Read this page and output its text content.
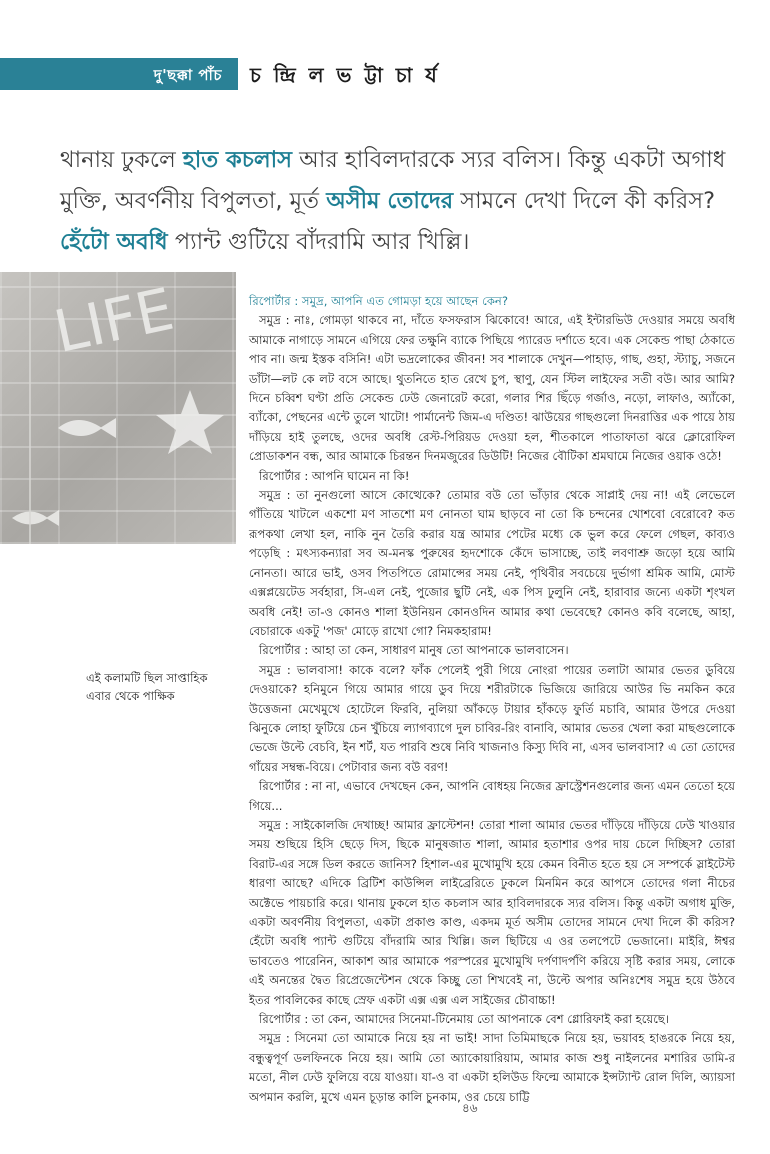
দু'ছক্কা পাঁচ চ ন্দ্রি ল ভ ট্টা চা র্য
থানায় ঢুকলে হাত কচলাস আর হাবিলদারকে স্যর বলিস। কিন্তু একটা অগাধ মুক্তি, অবর্ণনীয় বিপুলতা, মূর্ত অসীম তোদের সামনে দেখা দিলে কী করিস? হেঁটো অবধি প্যান্ট গুটিয়ে বাঁদরামি আর খিল্লি।
LIFE
এই কলামটি ছিল সাপ্তাহিক
এবার থেকে পাক্ষিক

রিপোর্টার : সমুদ্র, আপনি এত গোমড়া হয়ে আছেন কেন?

সমুদ্র : নাঃ, গোমড়া থাকবে না, দাঁতে ফসফরাস ঝিকোবে! আরে, এই ইন্টারভিউ দেওয়ার সময়ে অবধি আমাকে নাগাড়ে সামনে এগিয়ে ফের তক্ষুনি ব্যাকে পিছিয়ে প্যারেড দর্শাতে হবে। এক সেকেন্ড পাছা ঠেকাতে পাব না। জন্ম ইস্তক বসিনি! এটা ভদ্রলোকের জীবন! সব শালাকে দেখুন—পাহাড়, গাছ, গুহা, স্ট্যাচু, সজনে ডাঁটা—লট কে লট বসে আছে। থুতনিতে হাত রেখে চুপ, স্থাণু, যেন স্টিল লাইফের সতী বউ। আর আমি? দিনে চব্বিশ ঘণ্টা প্রতি সেকেন্ড ঢেউ জেনারেট করো, গলার শির ছিঁড়ে গর্জাও, নড়ো, লাফাও, অ্যাঁকো, ব্যাঁকো, পেছনের এন্টে তুলে খাটো! পার্মানেন্ট জিম-এ দণ্ডিত! ঝাউয়ের গাছগুলো দিনরাত্তির এক পায়ে ঠায় দাঁড়িয়ে হাই তুলছে, ওদের অবধি রেস্ট-পিরিয়ড দেওয়া হল, শীতকালে পাতাফাতা ঝরে ক্লোরোফিল প্রোডাকশন বন্ধ, আর আমাকে চিরন্তন দিনমজুরের ডিউটি! নিজের বৌটিকা শ্রমঘামে নিজের ওয়াক ওঠে!

রিপোর্টার : আপনি ঘামেন না কি!

সমুদ্র : তা নুনগুলো আসে কোত্থেকে? তোমার বউ তো ভাঁড়ার থেকে সাপ্লাই দেয় না! এই লেভেলে গাঁতিয়ে খাটলে একশো মণ সাতশো মণ নোনতা ঘাম ছাড়বে না তো কি চন্দনের খোশবো বেরোবে? কত রূপকথা লেখা হল, নাকি নুন তৈরি করার যন্ত্র আমার পেটের মধ্যে কে ভুল করে ফেলে গেছল, কাব্যও পড়েছি : মৎস্যকন্যারা সব অ-মনস্ক পুরুষের হৃদশোকে কেঁদে ভাসাচ্ছে, তাই লবণাশ্রু জড়ো হয়ে আমি নোনতা। আরে ভাই, ওসব পিতপিতে রোমান্সের সময় নেই, পৃথিবীর সবচেয়ে দুর্ভাগা শ্রমিক আমি, মোস্ট এক্সপ্লয়েটেড সর্বহারা, সি-এল নেই, পুজোর ছুটি নেই, এক পিস ঢুলুনি নেই, হারাবার জন্যে একটা শৃংখল অবধি নেই! তা-ও কোনও শালা ইউনিয়ন কোনওদিন আমার কথা ভেবেছে? কোনও কবি বলেছে, আহা, বেচারাকে একটু 'পজ' মোড়ে রাখো গো? নিমকহারাম!

রিপোর্টার : আহা তা কেন, সাধারণ মানুষ তো আপনাকে ভালবাসেন।

সমুদ্র : ভালবাসা! কাকে বলে? ফাঁক পেলেই পুরী গিয়ে নোংরা পায়ের তলাটা আমার ভেতর ডুবিয়ে দেওয়াকে? হনিমুনে গিয়ে আমার গায়ে ডুব দিয়ে শরীরটাকে ভিজিয়ে জারিয়ে আউর ভি নমকিন করে উত্তেজনা মেখেমুখে হোটেলে ফিরবি, নুলিয়া আঁকড়ে টায়ার হাঁকড়ে ফুর্তি মচাবি, আমার উপরে দেওয়া ঝিনুকে লোহা ফুটিয়ে চেন খুঁচিয়ে ল্যাগব্যাগে দুল চাবির-রিং বানাবি, আমার ভেতর খেলা করা মাছগুলোকে ভেজে উল্টে বেচবি, ইন শর্ট, যত পারবি শুষে নিবি খাজনাও কিস্যু দিবি না, এসব ভালবাসা? এ তো তোদের গাঁয়ের সম্বন্ধ-বিয়ে। পেটাবার জন্য বউ বরণ!

রিপোর্টার : না না, এভাবে দেখছেন কেন, আপনি বোধহয় নিজের ফ্রাস্ট্রেশনগুলোর জন্য এমন তেতো হয়ে গিয়ে...

সমুদ্র : সাইকোলজি দেখাচ্ছ! আমার ফ্রাস্টেশন! তোরা শালা আমার ভেতর দাঁড়িয়ে দাঁড়িয়ে ঢেউ খাওয়ার সময় শুছিয়ে হিসি ছেড়ে দিস, ছিকে মানুষজাত শালা, আমার হতাশার ওপর দায় চেলে দিচ্ছিস? তোরা বিরাট-এর সঙ্গে ডিল করতে জানিস? হিশাল-এর মুখোমুখি হয়ে কেমন বিনীত হতে হয় সে সম্পর্কে স্লাইটেস্ট ধারণা আছে? এদিকে ব্রিটিশ কাউন্সিল লাইব্রেরিতে ঢুকলে মিনমিন করে আপসে তোদের গলা নীচের অক্টেভে পায়চারি করে। থানায় ঢুকলে হাত কচলাস আর হাবিলদারকে স্যর বলিস। কিন্তু একটা অগাধ মুক্তি, একটা অবর্ণনীয় বিপুলতা, একটা প্রকাণ্ড কাণ্ড, একদম মূর্ত অসীম তোদের সামনে দেখা দিলে কী করিস? হেঁটো অবধি প্যান্ট গুটিয়ে বাঁদরামি আর খিল্লি। জল ছিটিয়ে এ ওর তলপেটে ভেজানো। মাইরি, ঈশ্বর ভাবতেও পারেনিন, আকাশ আর আমাকে পরস্পরের মুখোমুখি দর্পণাদর্পণি করিয়ে সৃষ্টি করার সময়, লোকে এই অনন্তের দ্বৈত রিপ্রেজেন্টেশন থেকে কিচ্ছু তো শিখবেই না, উল্টে অপার অনিঃশেষ সমুদ্র হয়ে উঠবে ইতর পাবলিকের কাছে স্রেফ একটা এক্স এক্স এল সাইজের চৌবাচ্চা!

রিপোর্টার : তা কেন, আমাদের সিনেমা-টিনেমায় তো আপনাকে বেশ গ্লোরিফাই করা হয়েছে।

সমুদ্র : সিনেমা তো আমাকে নিয়ে হয় না ভাই! সাদা তিমিমাছকে নিয়ে হয়, ভয়াবহ হাঙরকে নিয়ে হয়, বন্ধুত্বপূর্ণ ডলফিনকে নিয়ে হয়। আমি তো অ্যাকোয়ারিয়াম, আমার কাজ শুধু নাইলনের মশারির ডামি-র মতো, নীল ঢেউ ফুলিয়ে বয়ে যাওয়া। যা-ও বা একটা হলিউড ফিল্মে আমাকে ইন্সট্যান্ট রোল দিলি, অ্যায়সা অপমান করলি, মুখে এমন চূড়ান্ত কালি চুনকাম, ওর চেয়ে চাট্টি

৪৬
